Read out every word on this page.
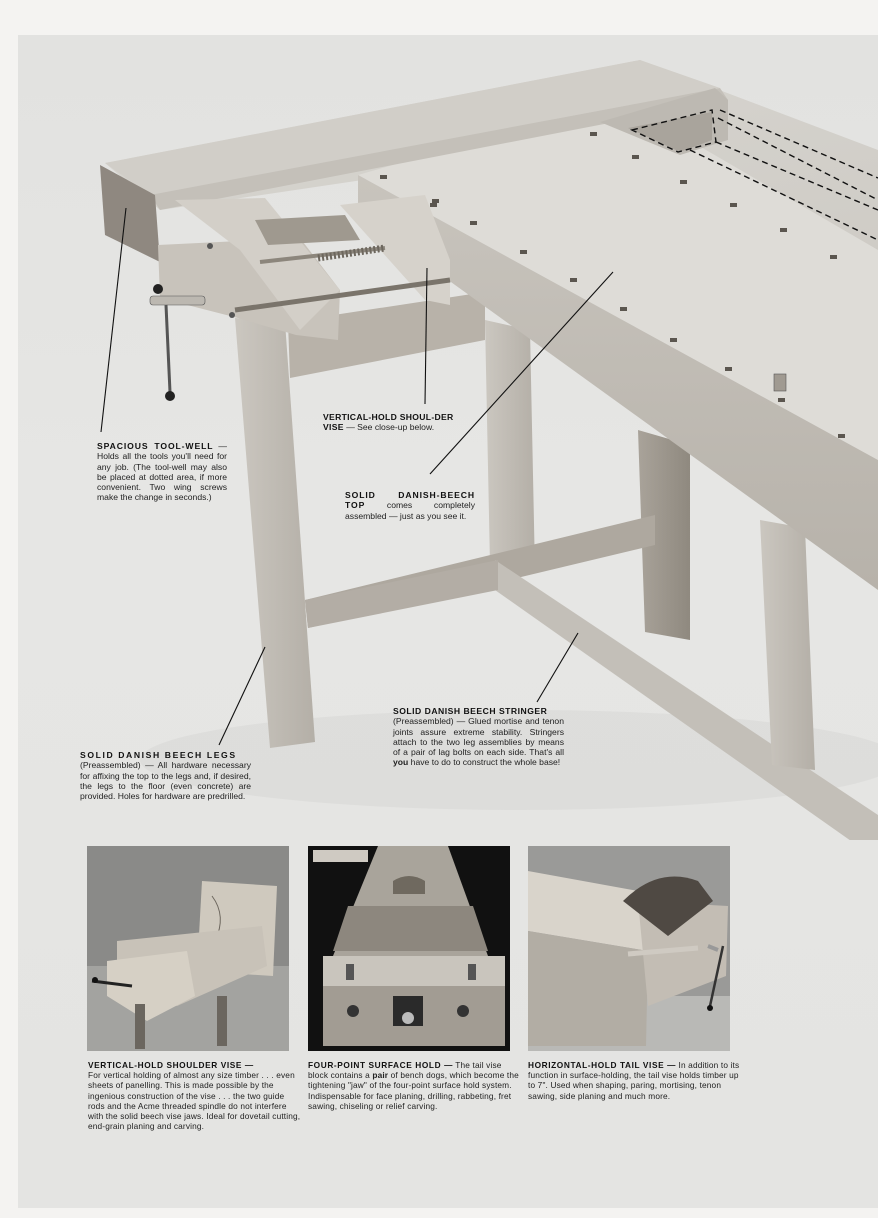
SPACIOUS TOOL-WELL — Holds all the tools you'll need for any job. (The tool-well may also be placed at dotted area, if more convenient. Two wing screws make the change in seconds.)
VERTICAL-HOLD SHOUL-DER VISE — See close-up below.
SOLID DANISH-BEECH TOP	comes completely assembled — just as you see it.
SOLID DANISH BEECH STRINGER
(Preassembled) — Glued mortise and tenon joints assure extreme stability. Stringers attach to the two leg assemblies by means of a pair of lag bolts on each side. That's all you have to do to construct the whole base!
SOLID DANISH BEECH LEGS
(Preassembled) — All hardware necessary for affixing the top to the legs and, if desired, the legs to the floor (even concrete) are provided. Holes for hardware are predrilled.
VERTICAL-HOLD SHOULDER VISE —
For vertical holding of almost any size timber . . . even sheets of panelling. This is made possible by the ingenious construction of the vise . . . the two guide rods and the Acme threaded spindle do not interfere with the solid beech vise jaws. Ideal for dovetail cutting, end-grain planing and carving.
FOUR-POINT SURFACE HOLD — The tail vise block contains a pair of bench dogs, which become the tightening "jaw" of the four-point surface hold system. Indispensable for face planing, drilling, rabbeting, fret sawing, chiseling or relief carving.
HORIZONTAL-HOLD TAIL VISE — In addition to its function in surface-holding, the tail vise holds timber up to 7". Used when shaping, paring, mortising, tenon sawing, side planing and much more.
